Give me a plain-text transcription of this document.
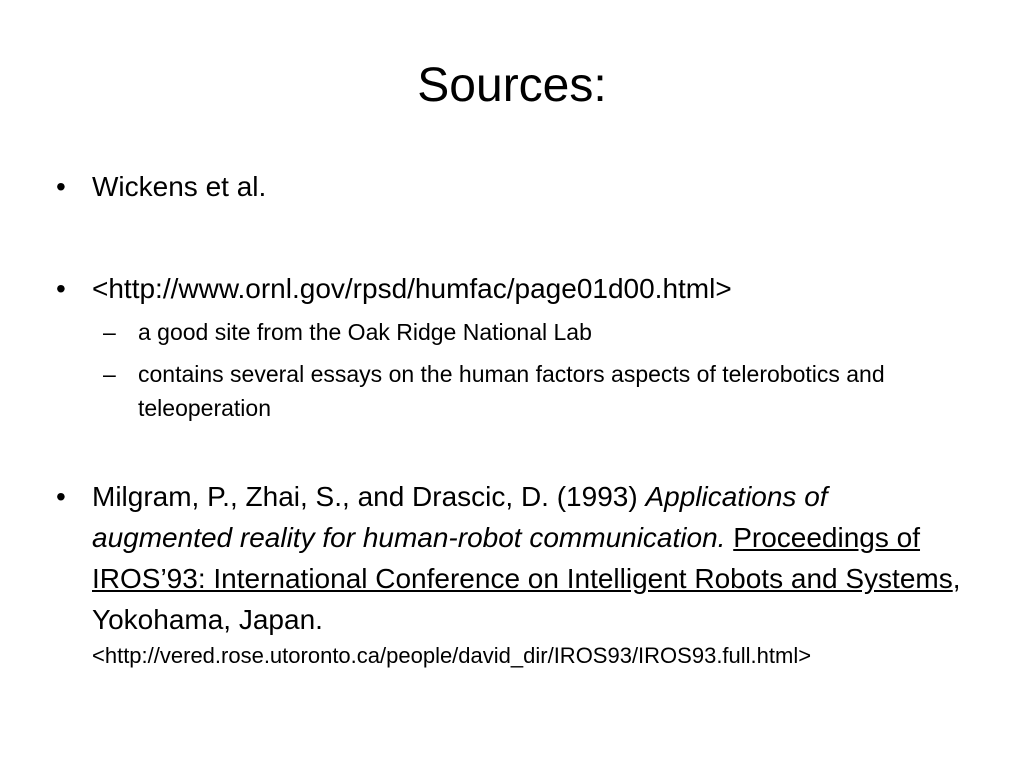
Sources:
• Wickens et al.
• <http://www.ornl.gov/rpsd/humfac/page01d00.html>
– a good site from the Oak Ridge National Lab
– contains several essays on the human factors aspects of telerobotics and teleoperation
• Milgram, P., Zhai, S., and Drascic, D. (1993) Applications of augmented reality for human-robot communication. Proceedings of IROS’93: International Conference on Intelligent Robots and Systems, Yokohama, Japan.
<http://vered.rose.utoronto.ca/people/david_dir/IROS93/IROS93.full.html>
